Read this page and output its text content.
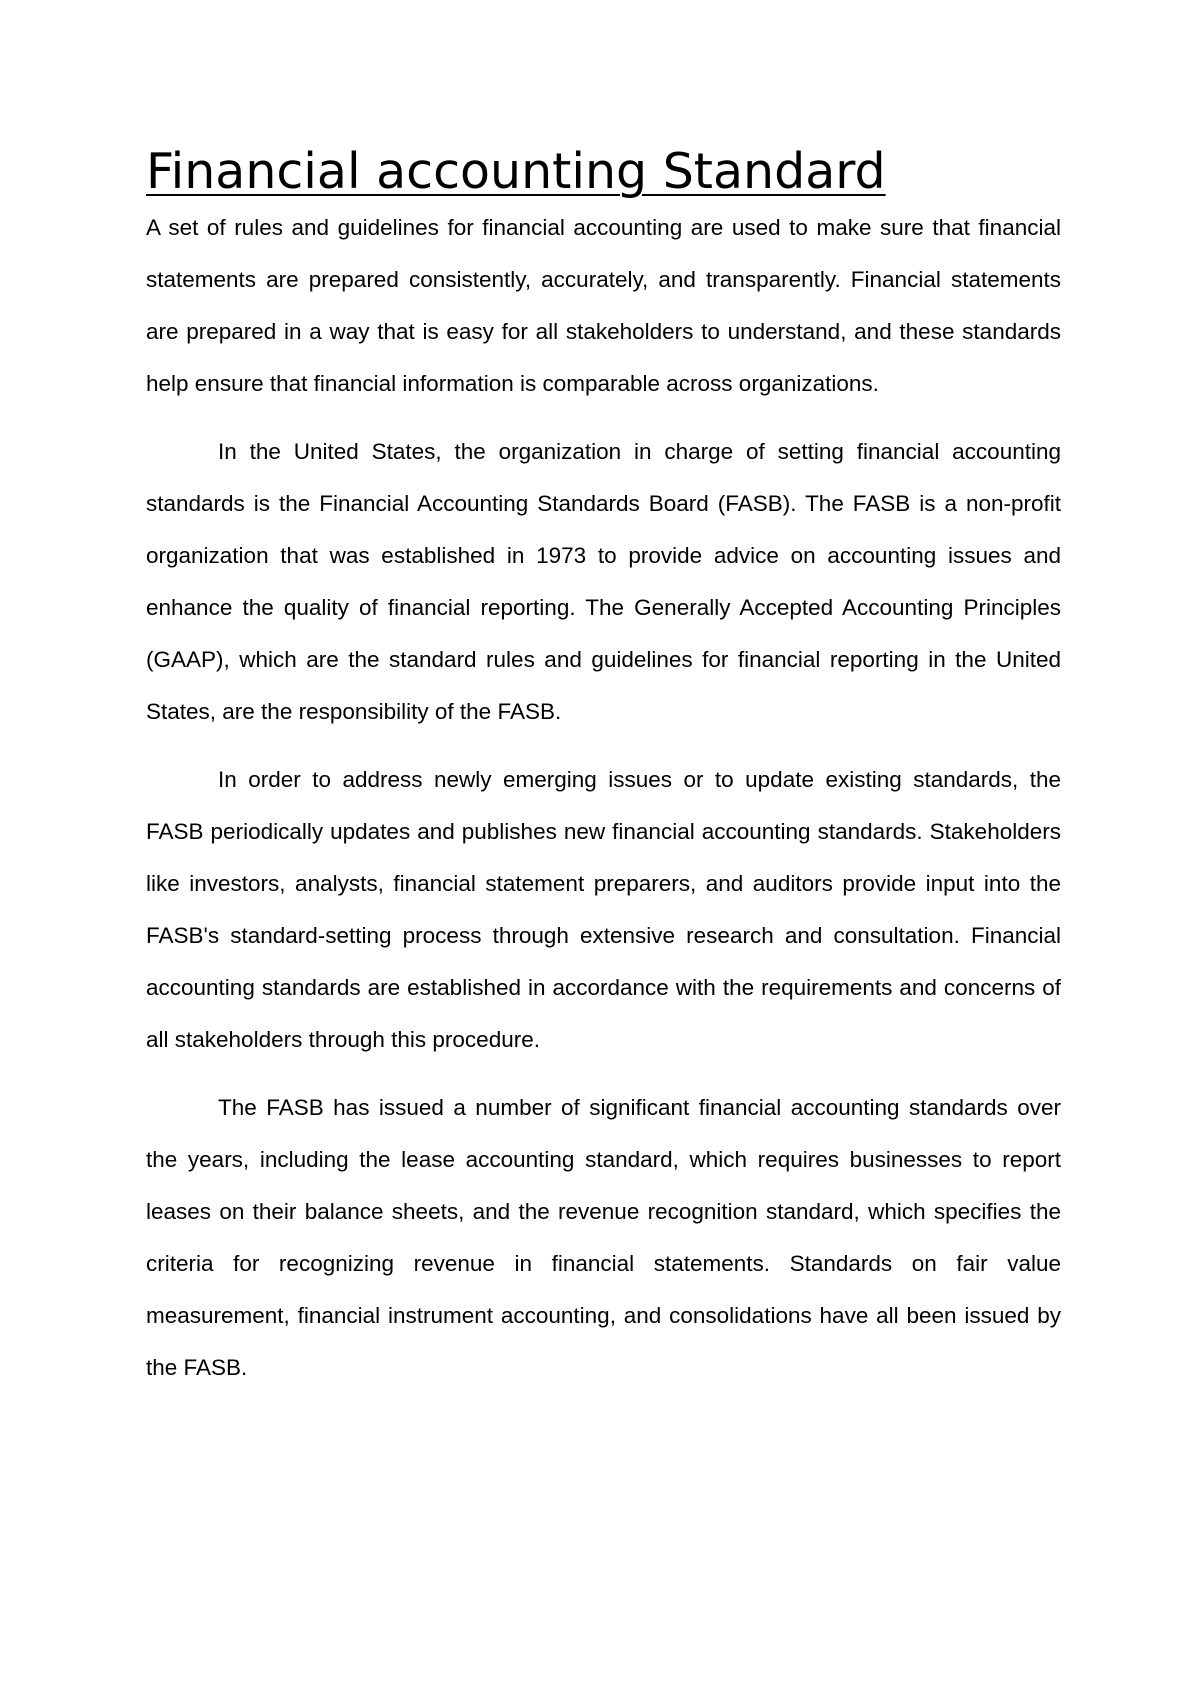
Financial accounting Standard

A set of rules and guidelines for financial accounting are used to make sure that financial statements are prepared consistently, accurately, and transparently. Financial statements are prepared in a way that is easy for all stakeholders to understand, and these standards help ensure that financial information is comparable across organizations.

In the United States, the organization in charge of setting financial accounting standards is the Financial Accounting Standards Board (FASB). The FASB is a non-profit organization that was established in 1973 to provide advice on accounting issues and enhance the quality of financial reporting. The Generally Accepted Accounting Principles (GAAP), which are the standard rules and guidelines for financial reporting in the United States, are the responsibility of the FASB.

In order to address newly emerging issues or to update existing standards, the FASB periodically updates and publishes new financial accounting standards. Stakeholders like investors, analysts, financial statement preparers, and auditors provide input into the FASB's standard-setting process through extensive research and consultation. Financial accounting standards are established in accordance with the requirements and concerns of all stakeholders through this procedure.

The FASB has issued a number of significant financial accounting standards over the years, including the lease accounting standard, which requires businesses to report leases on their balance sheets, and the revenue recognition standard, which specifies the criteria for recognizing revenue in financial statements. Standards on fair value measurement, financial instrument accounting, and consolidations have all been issued by the FASB.
